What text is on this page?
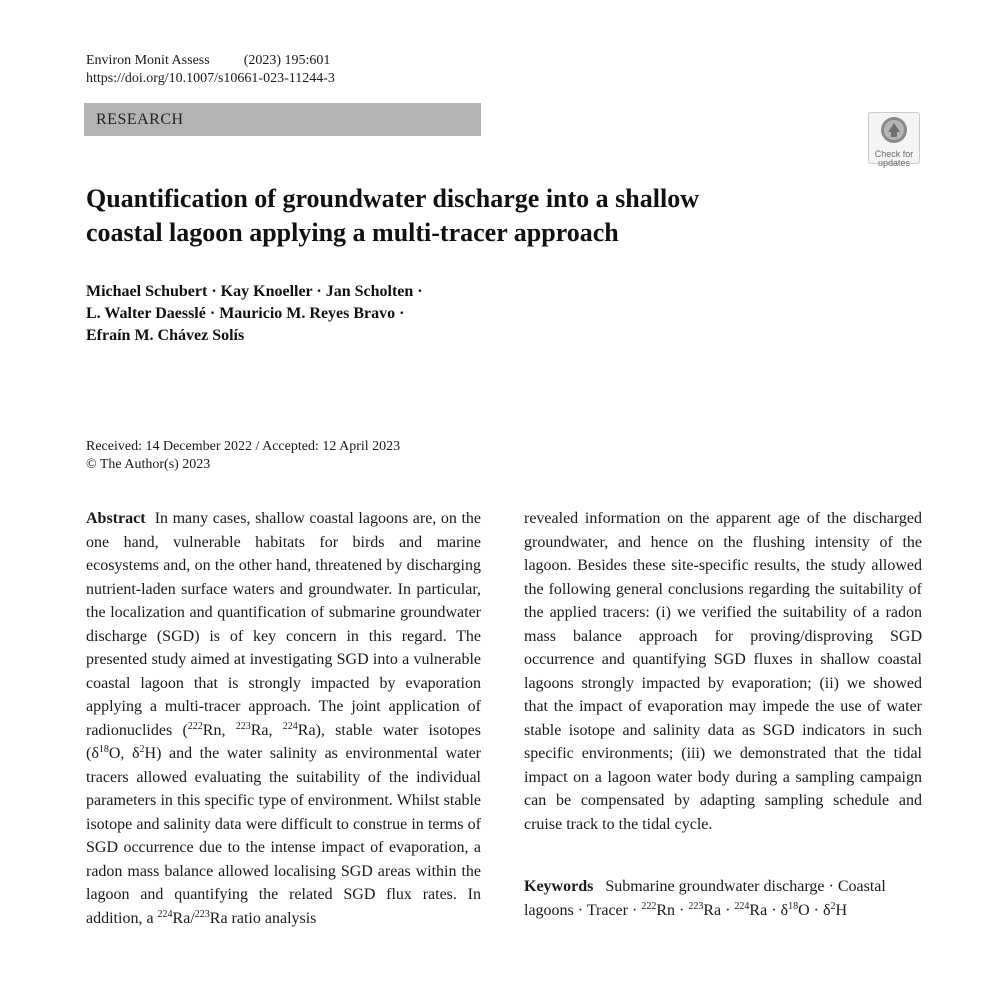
Environ Monit Assess (2023) 195:601
https://doi.org/10.1007/s10661-023-11244-3
RESEARCH
Check for
updates
Quantification of groundwater discharge into a shallow
coastal lagoon applying a multi-tracer approach
Michael Schubert · Kay Knoeller · Jan Scholten ·
L. Walter Daesslé · Mauricio M. Reyes Bravo ·
Efraín M. Chávez Solís
Received: 14 December 2022 / Accepted: 12 April 2023
© The Author(s) 2023
Abstract In many cases, shallow coastal lagoons are, on the one hand, vulnerable habitats for birds and marine ecosystems and, on the other hand, threatened by discharging nutrient-laden surface waters and groundwater. In particular, the localization and quantification of submarine groundwater discharge (SGD) is of key concern in this regard. The presented study aimed at investigating SGD into a vulnerable coastal lagoon that is strongly impacted by evaporation applying a multi-tracer approach. The joint application of radionuclides ($^{222}$Rn, $^{223}$Ra, $^{224}$Ra), stable water isotopes ($\delta^{18}O$, $\delta^2H$) and the water salinity as environmental water tracers allowed evaluating the suitability of the individual parameters in this specific type of environment. Whilst stable isotope and salinity data were difficult to construe in terms of SGD occurrence due to the intense impact of evaporation, a radon mass balance allowed localising SGD areas within the lagoon and quantifying the related SGD flux rates. In addition, a $^{224}$Ra/$^{223}$Ra ratio analysis
revealed information on the apparent age of the discharged groundwater, and hence on the flushing intensity of the lagoon. Besides these site-specific results, the study allowed the following general conclusions regarding the suitability of the applied tracers: (i) we verified the suitability of a radon mass balance approach for proving/disproving SGD occurrence and quantifying SGD fluxes in shallow coastal lagoons strongly impacted by evaporation; (ii) we showed that the impact of evaporation may impede the use of water stable isotope and salinity data as SGD indicators in such specific environments; (iii) we demonstrated that the tidal impact on a lagoon water body during a sampling campaign can be compensated by adapting sampling schedule and cruise track to the tidal cycle.
Keywords Submarine groundwater discharge · Coastal lagoons · Tracer · $^{222}Rn \cdot ^{223}Ra \cdot ^{224}Ra \cdot \delta^{18}O \cdot \delta^2H$
